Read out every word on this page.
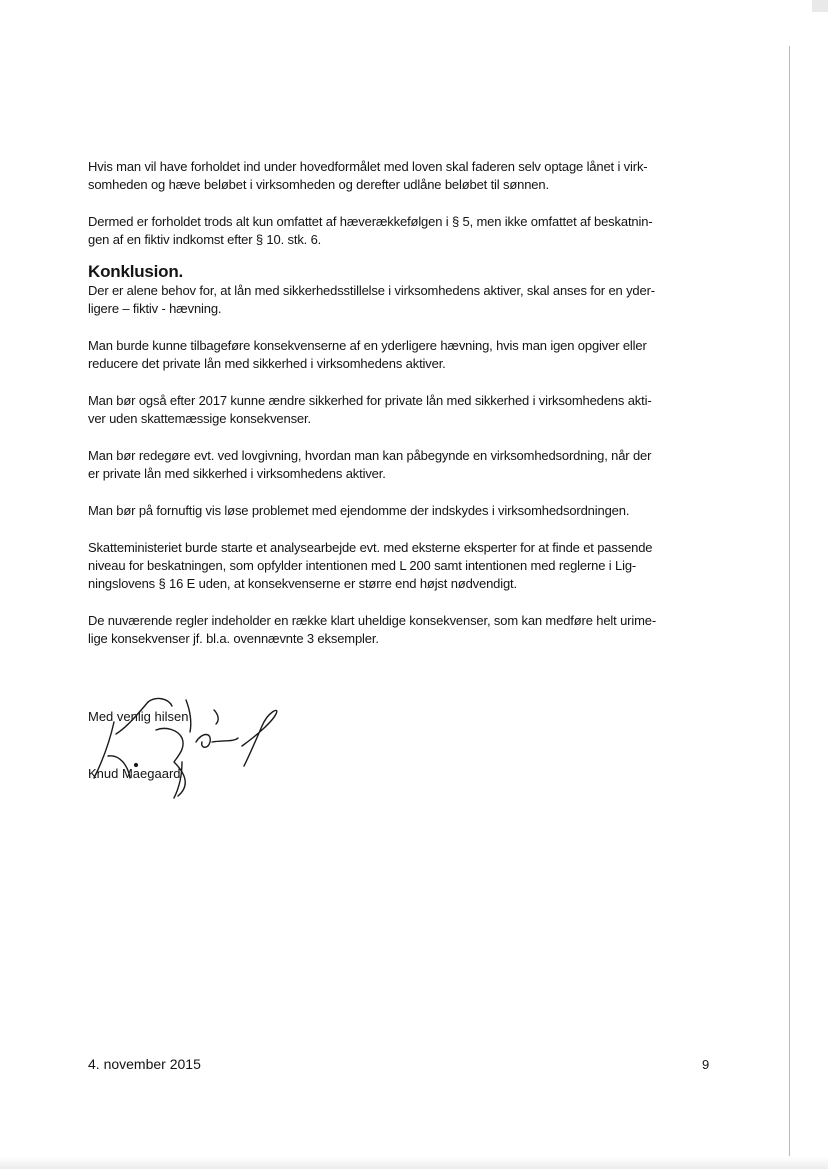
Hvis man vil have forholdet ind under hovedformålet med loven skal faderen selv optage lånet i virk-
somheden og hæve beløbet i virksomheden og derefter udlåne beløbet til sønnen.

Dermed er forholdet trods alt kun omfattet af hæverækkefølgen i § 5, men ikke omfattet af beskatnin-
gen af en fiktiv indkomst efter § 10. stk. 6.

Konklusion.

Der er alene behov for, at lån med sikkerhedsstillelse i virksomhedens aktiver, skal anses for en yder-
ligere – fiktiv - hævning.

Man burde kunne tilbageføre konsekvenserne af en yderligere hævning, hvis man igen opgiver eller
reducere det private lån med sikkerhed i virksomhedens aktiver.

Man bør også efter 2017 kunne ændre sikkerhed for private lån med sikkerhed i virksomhedens akti-
ver uden skattemæssige konsekvenser.

Man bør redegøre evt. ved lovgivning, hvordan man kan påbegynde en virksomhedsordning, når der
er private lån med sikkerhed i virksomhedens aktiver.

Man bør på fornuftig vis løse problemet med ejendomme der indskydes i virksomhedsordningen.

Skatteministeriet burde starte et analysearbejde evt. med eksterne eksperter for at finde et passende
niveau for beskatningen, som opfylder intentionen med L 200 samt intentionen med reglerne i Lig-
ningslovens § 16 E uden, at konsekvenserne er større end højst nødvendigt.

De nuværende regler indeholder en række klart uheldige konsekvenser, som kan medføre helt urime-
lige konsekvenser jf. bl.a. ovennævnte 3 eksempler.

Med venlig hilsen
Knud Maegaard
4. november 2015	9
